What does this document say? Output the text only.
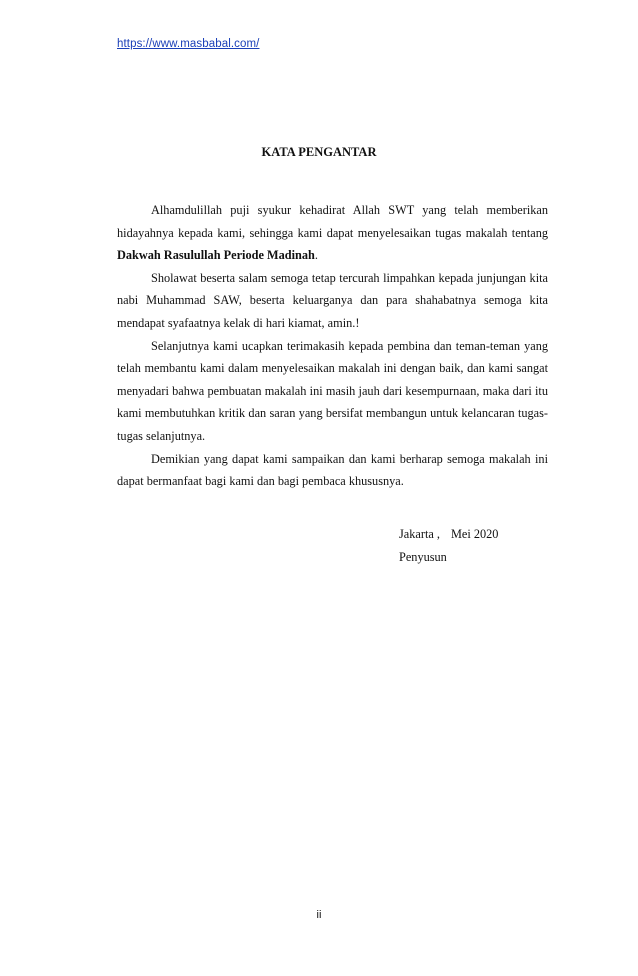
https://www.masbabal.com/
KATA PENGANTAR

Alhamdulillah puji syukur kehadirat Allah SWT yang telah memberikan hidayahnya kepada kami, sehingga kami dapat menyelesaikan tugas makalah tentang Dakwah Rasulullah Periode Madinah.

Sholawat beserta salam semoga tetap tercurah limpahkan kepada junjungan kita nabi Muhammad SAW, beserta keluarganya dan para shahabatnya semoga kita mendapat syafaatnya kelak di hari kiamat, amin.!

Selanjutnya kami ucapkan terimakasih kepada pembina dan teman-teman yang telah membantu kami dalam menyelesaikan makalah ini dengan baik, dan kami sangat menyadari bahwa pembuatan makalah ini masih jauh dari kesempurnaan, maka dari itu kami membutuhkan kritik dan saran yang bersifat membangun untuk kelancaran tugas-tugas selanjutnya.

Demikian yang dapat kami sampaikan dan kami berharap semoga makalah ini dapat bermanfaat bagi kami dan bagi pembaca khususnya.

Jakarta , Mei 2020
Penyusun
ii
